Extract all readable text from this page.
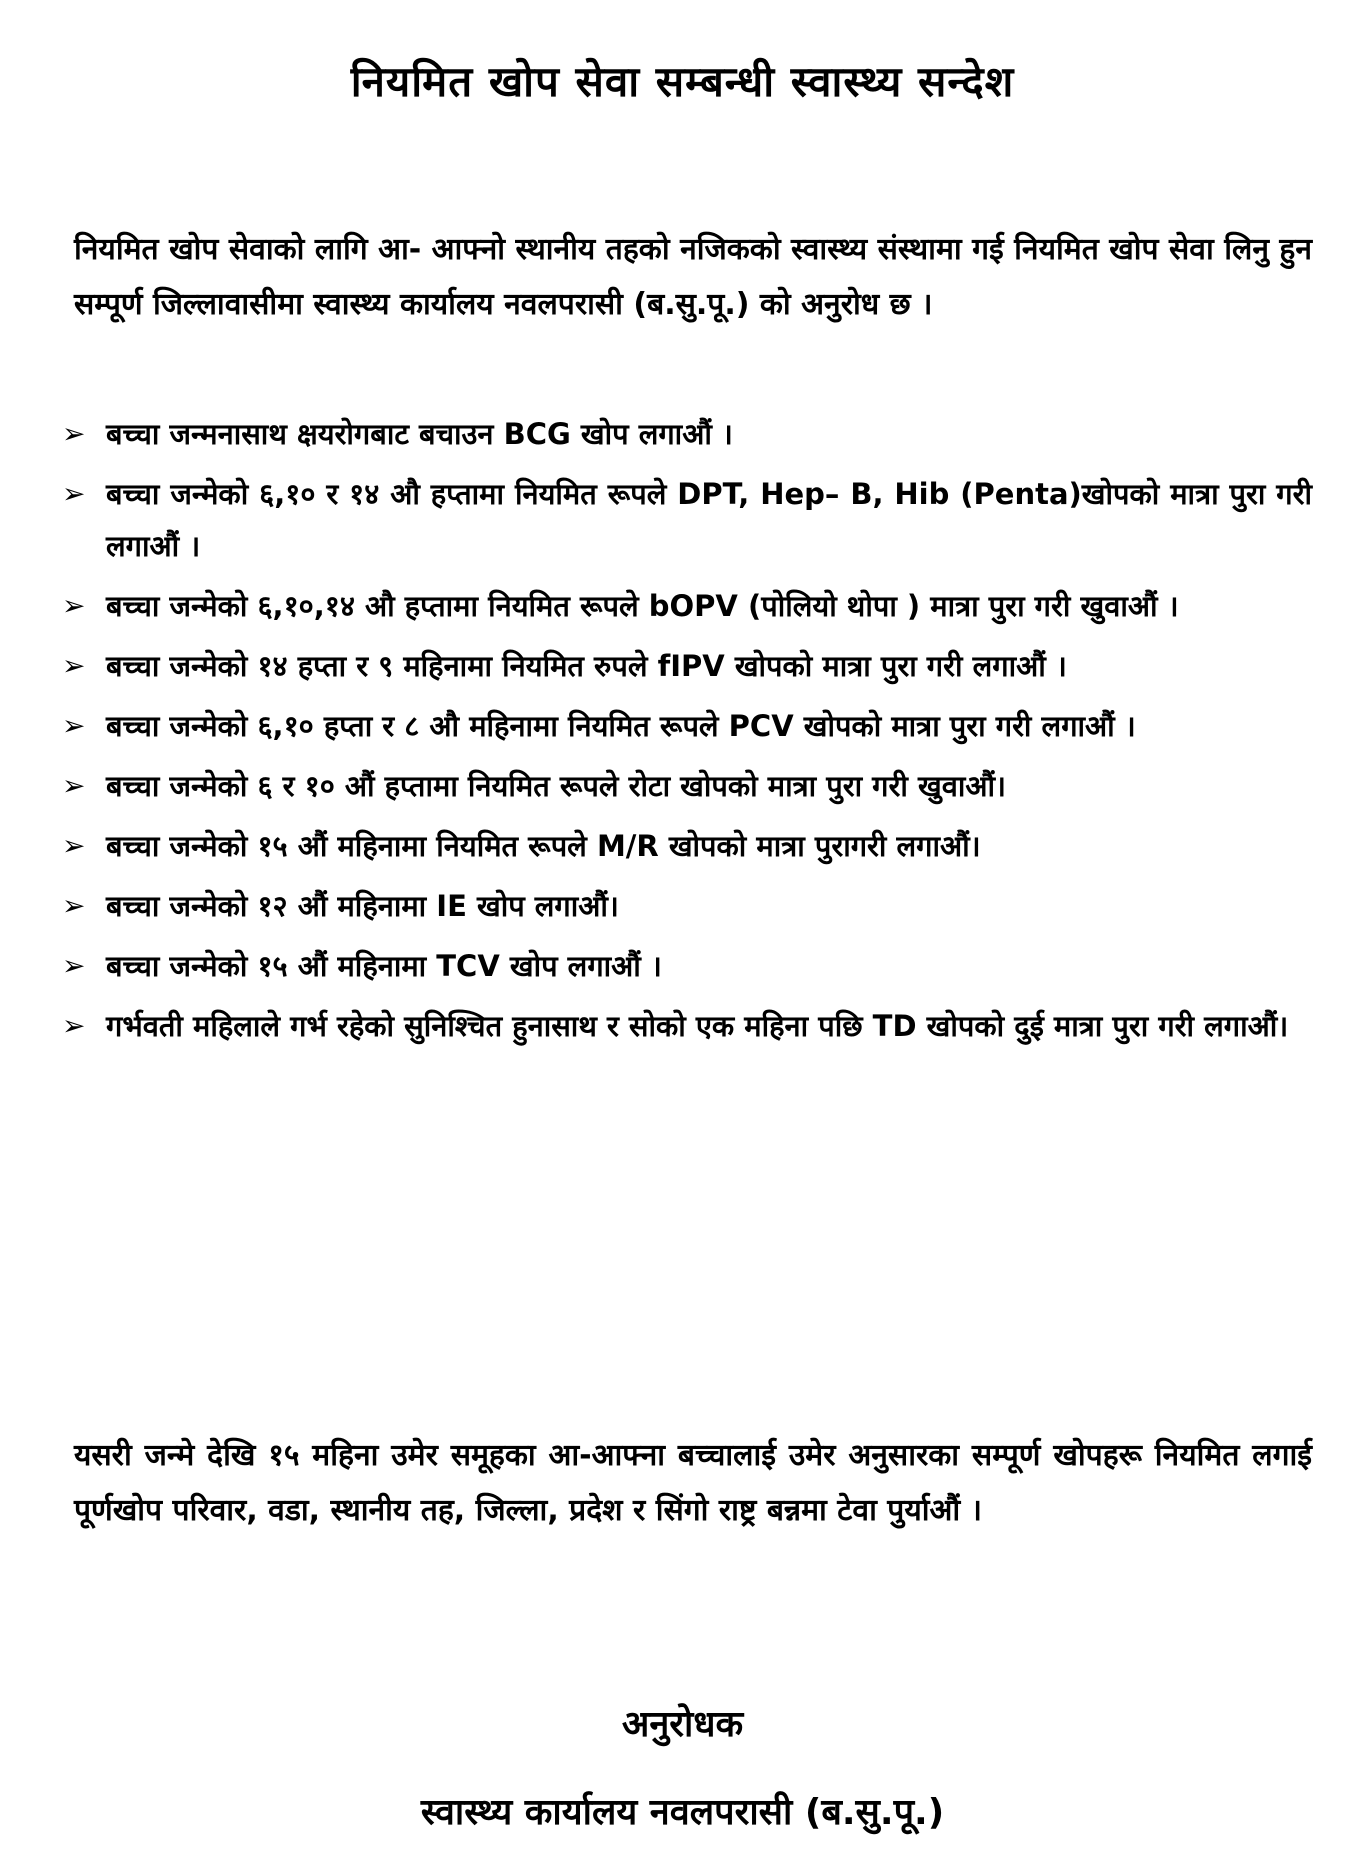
नियमित खोप सेवा सम्बन्धी स्वास्थ्य सन्देश
नियमित खोप सेवाको लागि आ- आफ्नो स्थानीय तहको नजिकको स्वास्थ्य संस्थामा गई नियमित खोप सेवा लिनु हुन सम्पूर्ण जिल्लावासीमा स्वास्थ्य कार्यालय नवलपरासी (ब.सु.पू.) को अनुरोध छ ।
➢ बच्चा जन्मनासाथ क्षयरोगबाट बचाउन BCG खोप लगाऔं ।
➢ बच्चा जन्मेको ६,१० र १४ औ हप्तामा नियमित रूपले DPT, Hep– B, Hib (Penta)खोपको मात्रा पुरा गरी लगाऔं ।
➢ बच्चा जन्मेको ६,१०,१४ औ हप्तामा नियमित रूपले bOPV (पोलियो थोपा ) मात्रा पुरा गरी खुवाऔं ।
➢ बच्चा जन्मेको १४ हप्ता र ९ महिनामा नियमित रुपले fIPV खोपको मात्रा पुरा गरी लगाऔं ।
➢ बच्चा जन्मेको ६,१० हप्ता र ८ औ महिनामा नियमित रूपले PCV खोपको मात्रा पुरा गरी लगाऔं ।
➢ बच्चा जन्मेको ६ र १० औं हप्तामा नियमित रूपले रोटा खोपको मात्रा पुरा गरी खुवाऔं।
➢ बच्चा जन्मेको १५ औं महिनामा नियमित रूपले M/R खोपको मात्रा पुरागरी लगाऔं।
➢ बच्चा जन्मेको १२ औं महिनामा IE खोप लगाऔं।
➢ बच्चा जन्मेको १५ औं महिनामा TCV खोप लगाऔं ।
➢ गर्भवती महिलाले गर्भ रहेको सुनिश्चित हुनासाथ र सोको एक महिना पछि TD खोपको दुई मात्रा पुरा गरी लगाऔं।
यसरी जन्मे देखि १५ महिना उमेर समूहका आ-आफ्ना बच्चालाई उमेर अनुसारका सम्पूर्ण खोपहरू नियमित लगाई पूर्णखोप परिवार, वडा, स्थानीय तह, जिल्ला, प्रदेश र सिंगो राष्ट्र बन्नमा टेवा पुर्याऔं ।
अनुरोधक
स्वास्थ्य कार्यालय नवलपरासी (ब.सु.पू.)
